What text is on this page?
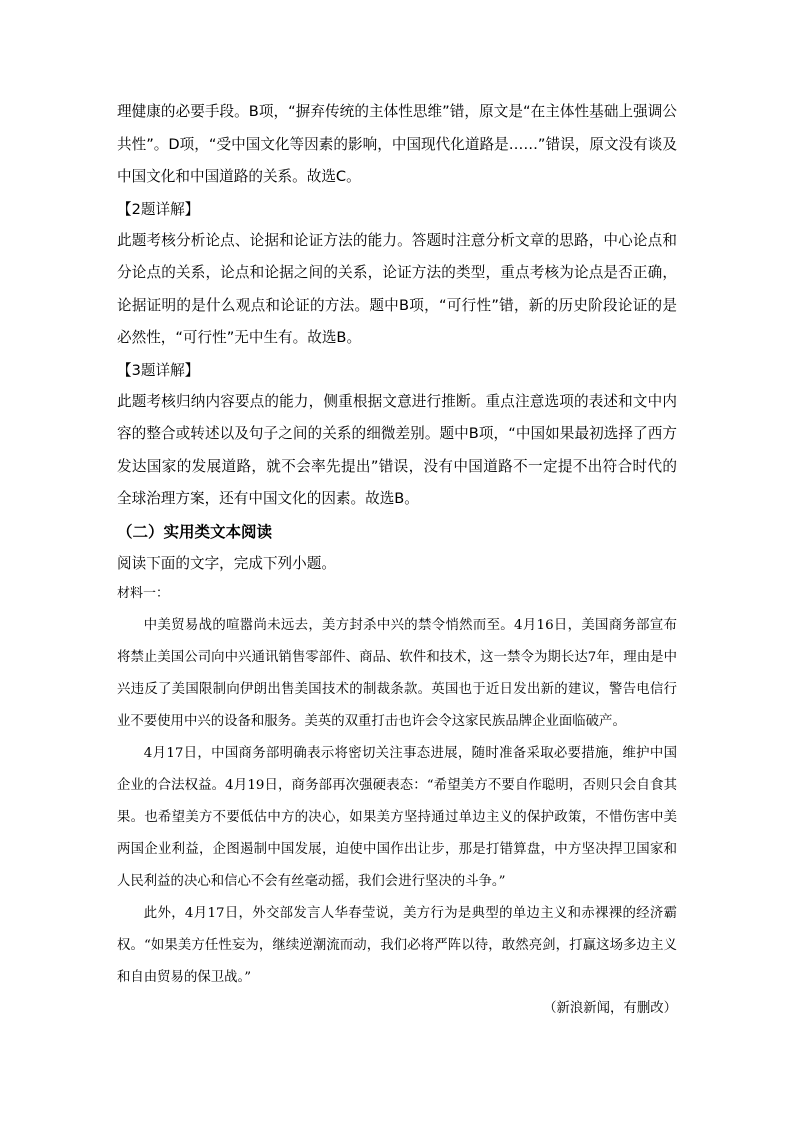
理健康的必要手段。B项，“摒弃传统的主体性思维”错，原文是“在主体性基础上强调公共性”。D项，“受中国文化等因素的影响，中国现代化道路是……”错误，原文没有谈及中国文化和中国道路的关系。故选C。

【2题详解】

此题考核分析论点、论据和论证方法的能力。答题时注意分析文章的思路，中心论点和分论点的关系，论点和论据之间的关系，论证方法的类型，重点考核为论点是否正确，论据证明的是什么观点和论证的方法。题中B项，“可行性”错，新的历史阶段论证的是必然性，“可行性”无中生有。故选B。

【3题详解】

此题考核归纳内容要点的能力，侧重根据文意进行推断。重点注意选项的表述和文中内容的整合或转述以及句子之间的关系的细微差别。题中B项，“中国如果最初选择了西方发达国家的发展道路，就不会率先提出”错误，没有中国道路不一定提不出符合时代的全球治理方案，还有中国文化的因素。故选B。

（二）实用类文本阅读

阅读下面的文字，完成下列小题。

材料一：

中美贸易战的喧嚣尚未远去，美方封杀中兴的禁令悄然而至。4月16日，美国商务部宣布将禁止美国公司向中兴通讯销售零部件、商品、软件和技术，这一禁令为期长达7年，理由是中兴违反了美国限制向伊朗出售美国技术的制裁条款。英国也于近日发出新的建议，警告电信行业不要使用中兴的设备和服务。美英的双重打击也许会令这家民族品牌企业面临破产。

4月17日，中国商务部明确表示将密切关注事态进展，随时准备采取必要措施，维护中国企业的合法权益。4月19日，商务部再次强硬表态：“希望美方不要自作聪明，否则只会自食其果。也希望美方不要低估中方的决心，如果美方坚持通过单边主义的保护政策，不惜伤害中美两国企业利益，企图遏制中国发展，迫使中国作出让步，那是打错算盘，中方坚决捍卫国家和人民利益的决心和信心不会有丝毫动摇，我们会进行坚决的斗争。”

此外，4月17日，外交部发言人华春莹说，美方行为是典型的单边主义和赤裸裸的经济霸权。“如果美方任性妄为，继续逆潮流而动，我们必将严阵以待，敢然亮剑，打赢这场多边主义和自由贸易的保卫战。”

（新浪新闻，有删改）
